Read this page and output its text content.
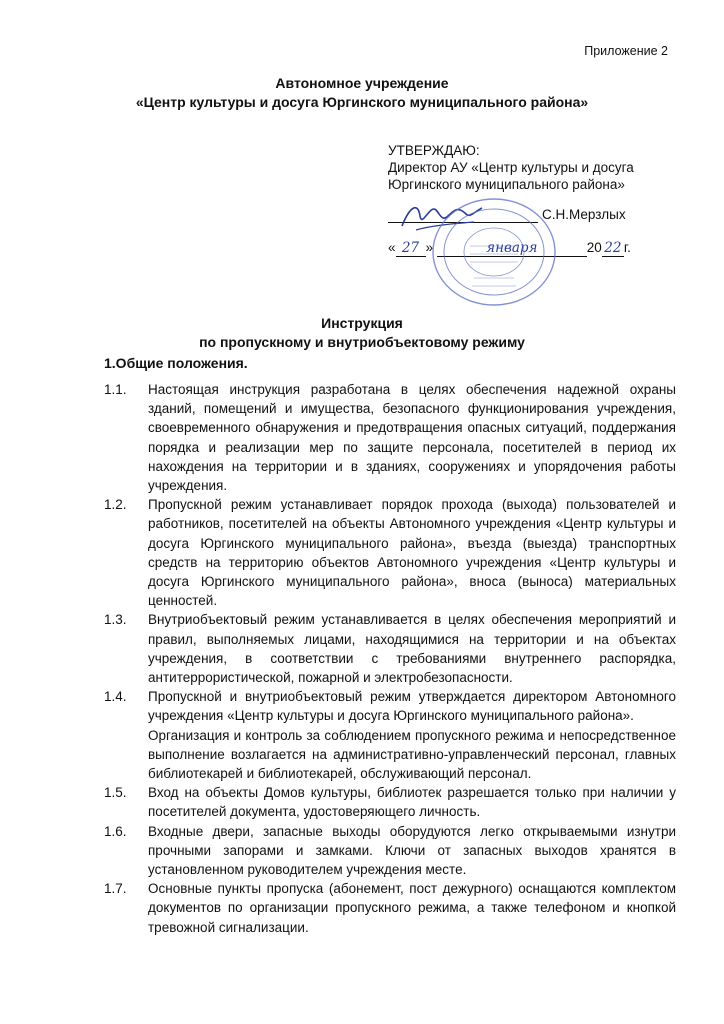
Приложение 2
Автономное учреждение
«Центр культуры и досуга Юргинского муниципального района»
УТВЕРЖДАЮ:
Директор АУ «Центр культуры и досуга
Юргинского муниципального района»
С.Н.Мерзлых
« 27 »	января	20 22 г.
Инструкция
по пропускному и внутриобъектовому режиму
1.Общие положения.
1.1.	Настоящая инструкция разработана в целях обеспечения надежной охраны зданий, помещений и имущества, безопасного функционирования учреждения, своевременного обнаружения и предотвращения опасных ситуаций, поддержания порядка и реализации мер по защите персонала, посетителей в период их нахождения на территории и в зданиях, сооружениях и упорядочения работы учреждения.

1.2.	Пропускной режим устанавливает порядок прохода (выхода) пользователей и работников, посетителей на объекты Автономного учреждения «Центр культуры и досуга Юргинского муниципального района», въезда (выезда) транспортных средств на территорию объектов Автономного учреждения «Центр культуры и досуга Юргинского муниципального района», вноса (выноса) материальных ценностей.

1.3.	Внутриобъектовый режим устанавливается в целях обеспечения мероприятий и правил, выполняемых лицами, находящимися на территории и на объектах учреждения, в соответствии с требованиями внутреннего распорядка, антитеррористической, пожарной и электробезопасности.

1.4.	Пропускной и внутриобъектовый режим утверждается директором Автономного учреждения «Центр культуры и досуга Юргинского муниципального района».

Организация и контроль за соблюдением пропускного режима и непосредственное выполнение возлагается на административно-управленческий персонал, главных библиотекарей и библиотекарей, обслуживающий персонал.

1.5.	Вход на объекты Домов культуры, библиотек разрешается только при наличии у посетителей документа, удостоверяющего личность.

1.6.	Входные двери, запасные выходы оборудуются легко открываемыми изнутри прочными запорами и замками. Ключи от запасных выходов хранятся в установленном руководителем учреждения месте.

1.7.	Основные пункты пропуска (абонемент, пост дежурного) оснащаются комплектом документов по организации пропускного режима, а также телефоном и кнопкой тревожной сигнализации.
